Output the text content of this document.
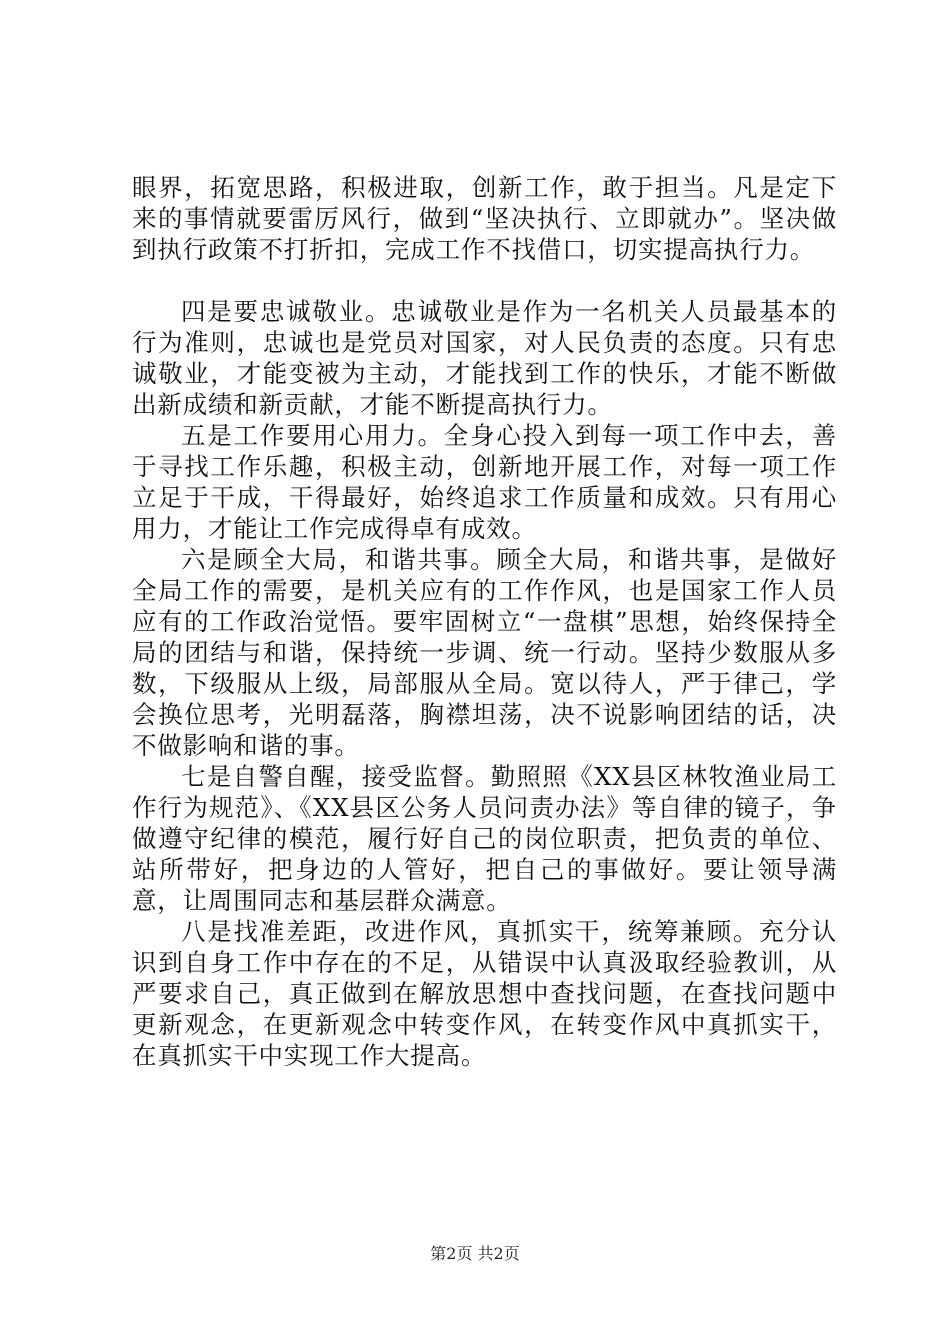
眼界，拓宽思路，积极进取，创新工作，敢于担当。凡是定下来的事情就要雷厉风行，做到“坚决执行、立即就办”。坚决做到执行政策不打折扣，完成工作不找借口，切实提高执行力。

四是要忠诚敬业。忠诚敬业是作为一名机关人员最基本的行为准则，忠诚也是党员对国家，对人民负责的态度。只有忠诚敬业，才能变被为主动，才能找到工作的快乐，才能不断做出新成绩和新贡献，才能不断提高执行力。

五是工作要用心用力。全身心投入到每一项工作中去，善于寻找工作乐趣，积极主动，创新地开展工作，对每一项工作立足于干成，干得最好，始终追求工作质量和成效。只有用心用力，才能让工作完成得卓有成效。

六是顾全大局，和谐共事。顾全大局，和谐共事，是做好全局工作的需要，是机关应有的工作作风，也是国家工作人员应有的工作政治觉悟。要牢固树立“一盘棋”思想，始终保持全局的团结与和谐，保持统一步调、统一行动。坚持少数服从多数，下级服从上级，局部服从全局。宽以待人，严于律己，学会换位思考，光明磊落，胸襟坦荡，决不说影响团结的话，决不做影响和谐的事。

七是自警自醒，接受监督。勤照照《XX县区林牧渔业局工作行为规范》、《XX县区公务人员问责办法》等自律的镜子，争做遵守纪律的模范，履行好自己的岗位职责，把负责的单位、站所带好，把身边的人管好，把自己的事做好。要让领导满意，让周围同志和基层群众满意。

八是找准差距，改进作风，真抓实干，统筹兼顾。充分认识到自身工作中存在的不足，从错误中认真汲取经验教训，从严要求自己，真正做到在解放思想中查找问题，在查找问题中更新观念，在更新观念中转变作风，在转变作风中真抓实干，在真抓实干中实现工作大提高。

第2页 共2页
